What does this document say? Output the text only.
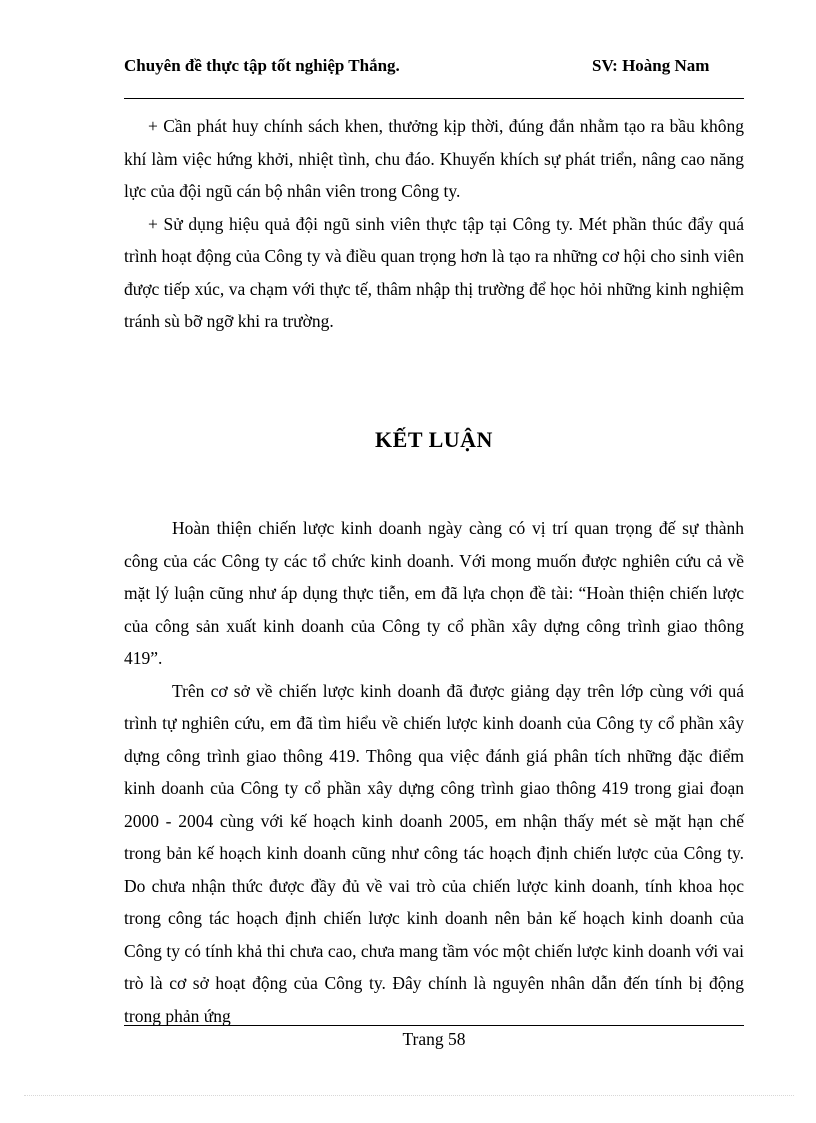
Chuyên đề thực tập tốt nghiệp Thắng.	SV: Hoàng Nam

+ Cần phát huy chính sách khen, thưởng kịp thời, đúng đắn nhằm tạo ra bầu không khí làm việc hứng khởi, nhiệt tình, chu đáo. Khuyến khích sự phát triển, nâng cao năng lực của đội ngũ cán bộ nhân viên trong Công ty.

+ Sử dụng hiệu quả đội ngũ sinh viên thực tập tại Công ty. Mét phần thúc đẩy quá trình hoạt động của Công ty và điều quan trọng hơn là tạo ra những cơ hội cho sinh viên được tiếp xúc, va chạm với thực tế, thâm nhập thị trường để học hỏi những kinh nghiệm tránh sù bỡ ngỡ khi ra trường.

KẾT LUẬN

Hoàn thiện chiến lược kinh doanh ngày càng có vị trí quan trọng đế sự thành công của các Công ty các tổ chức kinh doanh. Với mong muốn được nghiên cứu cả về mặt lý luận cũng như áp dụng thực tiễn, em đã lựa chọn đề tài: “Hoàn thiện chiến lược của công sản xuất kinh doanh của Công ty cổ phần xây dựng công trình giao thông 419”.

Trên cơ sở về chiến lược kinh doanh đã được giảng dạy trên lớp cùng với quá trình tự nghiên cứu, em đã tìm hiểu về chiến lược kinh doanh của Công ty cổ phần xây dựng công trình giao thông 419. Thông qua việc đánh giá phân tích những đặc điểm kinh doanh của Công ty cổ phần xây dựng công trình giao thông 419 trong giai đoạn 2000 - 2004 cùng với kế hoạch kinh doanh 2005, em nhận thấy mét sè mặt hạn chế trong bản kế hoạch kinh doanh cũng như công tác hoạch định chiến lược của Công ty. Do chưa nhận thức được đầy đủ về vai trò của chiến lược kinh doanh, tính khoa học trong công tác hoạch định chiến lược kinh doanh nên bản kế hoạch kinh doanh của Công ty có tính khả thi chưa cao, chưa mang tầm vóc một chiến lược kinh doanh với vai trò là cơ sở hoạt động của Công ty. Đây chính là nguyên nhân dẫn đến tính bị động trong phản ứng

Trang 58
